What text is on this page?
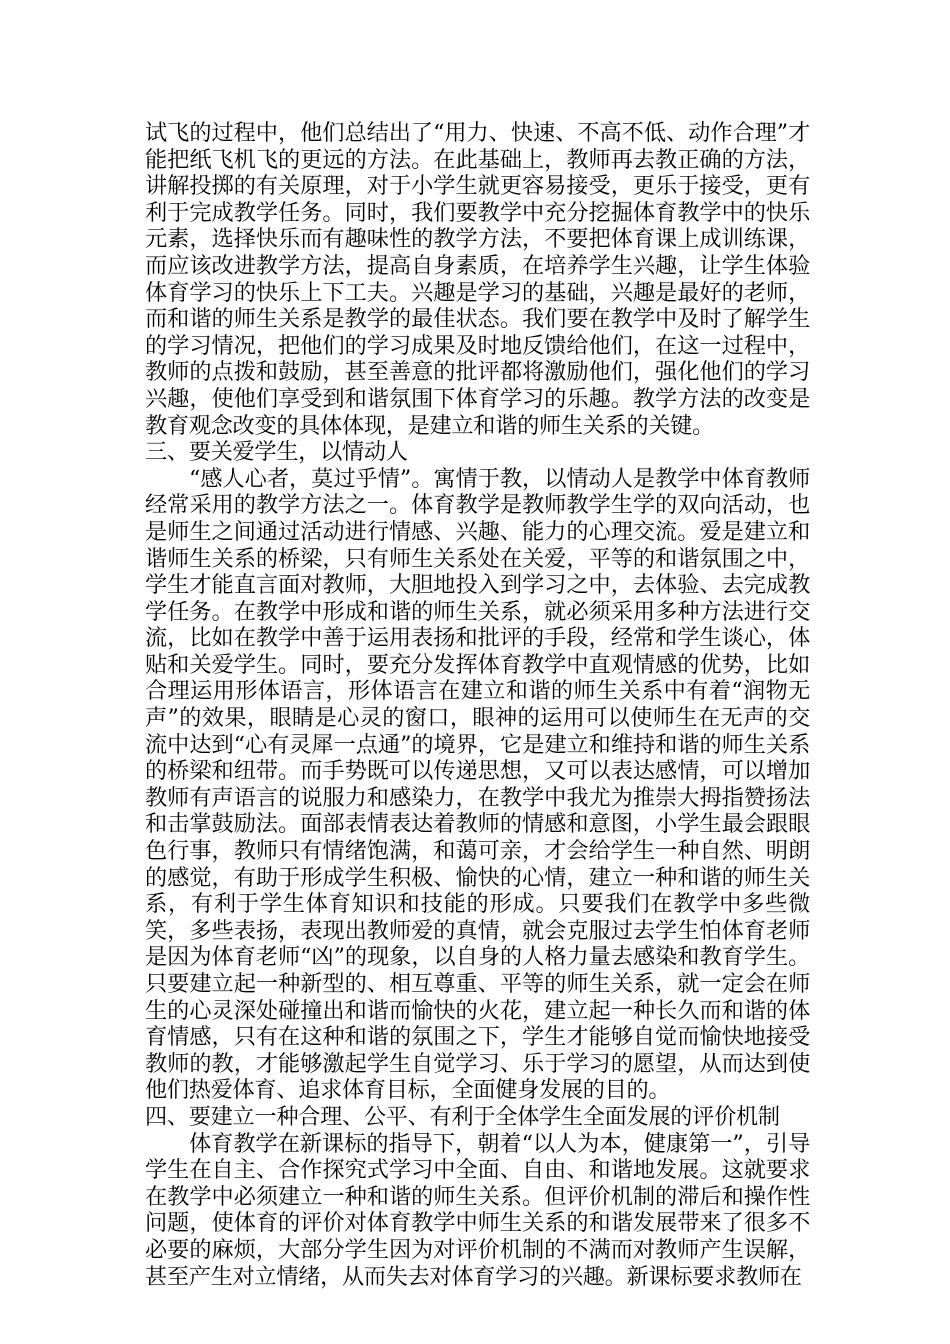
试飞的过程中，他们总结出了“用力、快速、不高不低、动作合理”才能把纸飞机飞的更远的方法。在此基础上，教师再去教正确的方法，讲解投掷的有关原理，对于小学生就更容易接受，更乐于接受，更有利于完成教学任务。同时，我们要教学中充分挖掘体育教学中的快乐元素，选择快乐而有趣味性的教学方法，不要把体育课上成训练课，而应该改进教学方法，提高自身素质，在培养学生兴趣，让学生体验体育学习的快乐上下工夫。兴趣是学习的基础，兴趣是最好的老师，而和谐的师生关系是教学的最佳状态。我们要在教学中及时了解学生的学习情况，把他们的学习成果及时地反馈给他们，在这一过程中，教师的点拨和鼓励，甚至善意的批评都将激励他们，强化他们的学习兴趣，使他们享受到和谐氛围下体育学习的乐趣。教学方法的改变是教育观念改变的具体体现，是建立和谐的师生关系的关键。

三、要关爱学生，以情动人

“感人心者，莫过乎情”。寓情于教，以情动人是教学中体育教师经常采用的教学方法之一。体育教学是教师教学生学的双向活动，也是师生之间通过活动进行情感、兴趣、能力的心理交流。爱是建立和谐师生关系的桥梁，只有师生关系处在关爱，平等的和谐氛围之中，学生才能直言面对教师，大胆地投入到学习之中，去体验、去完成教学任务。在教学中形成和谐的师生关系，就必须采用多种方法进行交流，比如在教学中善于运用表扬和批评的手段，经常和学生谈心，体贴和关爱学生。同时，要充分发挥体育教学中直观情感的优势，比如合理运用形体语言，形体语言在建立和谐的师生关系中有着“润物无声”的效果，眼睛是心灵的窗口，眼神的运用可以使师生在无声的交流中达到“心有灵犀一点通”的境界，它是建立和维持和谐的师生关系的桥梁和纽带。而手势既可以传递思想，又可以表达感情，可以增加教师有声语言的说服力和感染力，在教学中我尤为推崇大拇指赞扬法和击掌鼓励法。面部表情表达着教师的情感和意图，小学生最会跟眼色行事，教师只有情绪饱满，和蔼可亲，才会给学生一种自然、明朗的感觉，有助于形成学生积极、愉快的心情，建立一种和谐的师生关系，有利于学生体育知识和技能的形成。只要我们在教学中多些微笑，多些表扬，表现出教师爱的真情，就会克服过去学生怕体育老师是因为体育老师“凶”的现象，以自身的人格力量去感染和教育学生。只要建立起一种新型的、相互尊重、平等的师生关系，就一定会在师生的心灵深处碰撞出和谐而愉快的火花，建立起一种长久而和谐的体育情感，只有在这种和谐的氛围之下，学生才能够自觉而愉快地接受教师的教，才能够激起学生自觉学习、乐于学习的愿望，从而达到使他们热爱体育、追求体育目标，全面健身发展的目的。

四、要建立一种合理、公平、有利于全体学生全面发展的评价机制

体育教学在新课标的指导下，朝着“以人为本，健康第一”，引导学生在自主、合作探究式学习中全面、自由、和谐地发展。这就要求在教学中必须建立一种和谐的师生关系。但评价机制的滞后和操作性问题，使体育的评价对体育教学中师生关系的和谐发展带来了很多不必要的麻烦，大部分学生因为对评价机制的不满而对教师产生误解，甚至产生对立情绪，从而失去对体育学习的兴趣。新课标要求教师在
